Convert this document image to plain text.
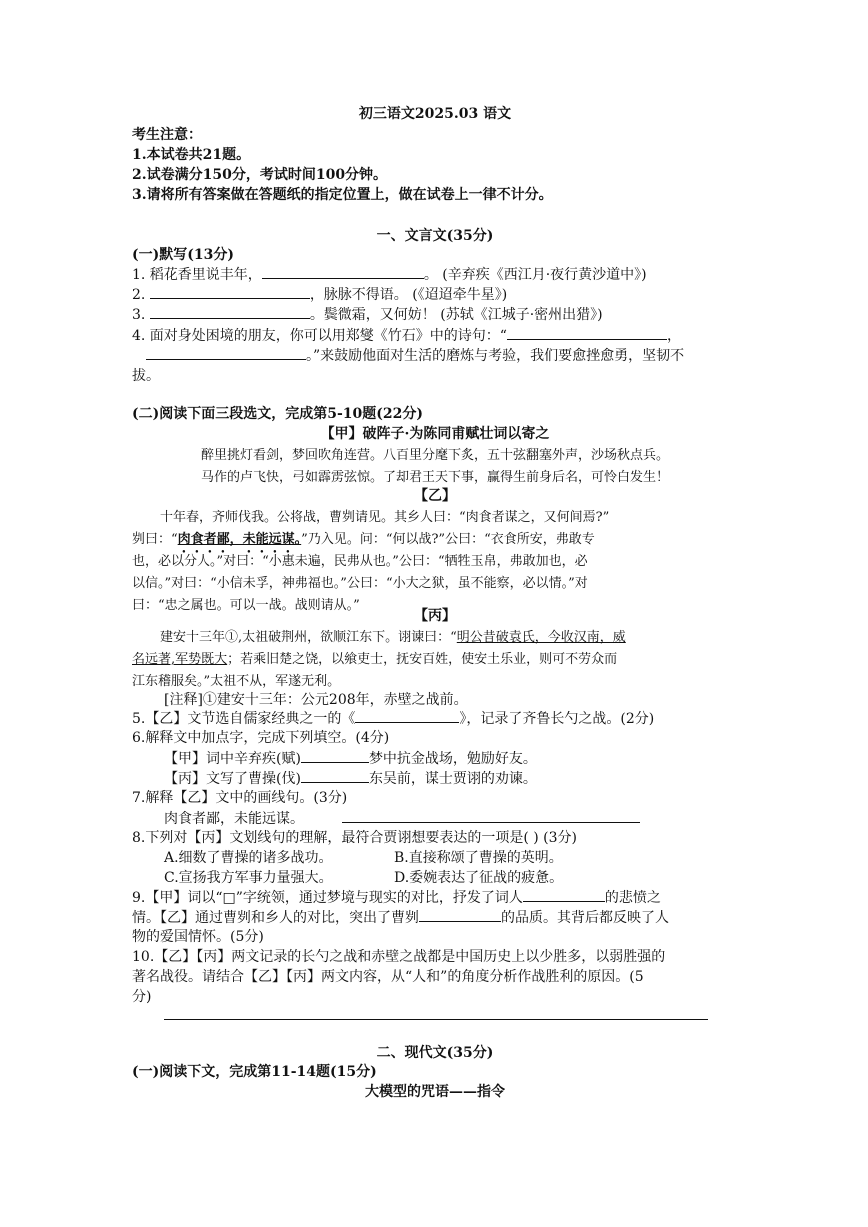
初三语文2025.03 语文
考生注意：
1.本试卷共21题。
2.试卷满分150分，考试时间100分钟。
3.请将所有答案做在答题纸的指定位置上，做在试卷上一律不计分。
一、文言文(35分)
(一)默写(13分)
1. 稻花香里说丰年，	。 (辛弃疾《西江月·夜行黄沙道中》)
2.	，脉脉不得语。 (《迢迢牵牛星》)
3.	。鬓微霜，又何妨！ (苏轼《江城子·密州出猎》)
4. 面对身处困境的朋友，你可以用郑燮《竹石》中的诗句：“	，
。”来鼓励他面对生活的磨炼与考验，我们要愈挫愈勇，坚韧不
拔。
(二)阅读下面三段选文，完成第5-10题(22分)
【甲】破阵子·为陈同甫赋壮词以寄之
醉里挑灯看剑，梦回吹角连营。八百里分麾下炙，五十弦翻塞外声，沙场秋点兵。
马作的卢飞快，弓如霹雳弦惊。了却君王天下事，赢得生前身后名，可怜白发生！
【乙】
十年春，齐师伐我。公将战，曹刿请见。其乡人曰：“肉食者谋之，又何间焉?”
刿曰：“肉食者鄙，未能远谋。”乃入见。问：“何以战?”公曰：“衣食所安，弗敢专
也，必以分人。”对曰：“小惠未遍，民弗从也。”公曰：“牺牲玉帛，弗敢加也，必
以信。”对曰：“小信未孚，神弗福也。”公曰：“小大之狱，虽不能察，必以情。”对
曰：“忠之属也。可以一战。战则请从。”
【丙】
建安十三年①,太祖破荆州，欲顺江东下。诩谏曰：“明公昔破袁氏，今收汉南，威
名远著,军势既大；若乘旧楚之饶，以飨吏士，抚安百姓，使安土乐业，则可不劳众而
江东稽服矣。”太祖不从，军遂无利。
[注释]①建安十三年：公元208年，赤壁之战前。
5.【乙】文节选自儒家经典之一的《	》，记录了齐鲁长勺之战。(2分)
6.解释文中加点字，完成下列填空。(4分)
【甲】词中辛弃疾(赋)	梦中抗金战场，勉励好友。
【丙】文写了曹操(伐)	东吴前，谋士贾诩的劝谏。
7.解释【乙】文中的画线句。(3分)
肉食者鄙，未能远谋。
8.下列对【丙】文划线句的理解，最符合贾诩想要表达的一项是( ) (3分)
A.细数了曹操的诸多战功。	B.直接称颂了曹操的英明。
C.宣扬我方军事力量强大。	D.委婉表达了征战的疲惫。
9.【甲】词以“□”字统领，通过梦境与现实的对比，抒发了词人	的悲愤之
情。【乙】通过曹刿和乡人的对比，突出了曹刿	的品质。其背后都反映了人
物的爱国情怀。(5分)
10.【乙】【丙】两文记录的长勺之战和赤壁之战都是中国历史上以少胜多，以弱胜强的
著名战役。请结合【乙】【丙】两文内容，从“人和”的角度分析作战胜利的原因。(5
分)
二、现代文(35分)
(一)阅读下文，完成第11-14题(15分)
大模型的咒语——指令
